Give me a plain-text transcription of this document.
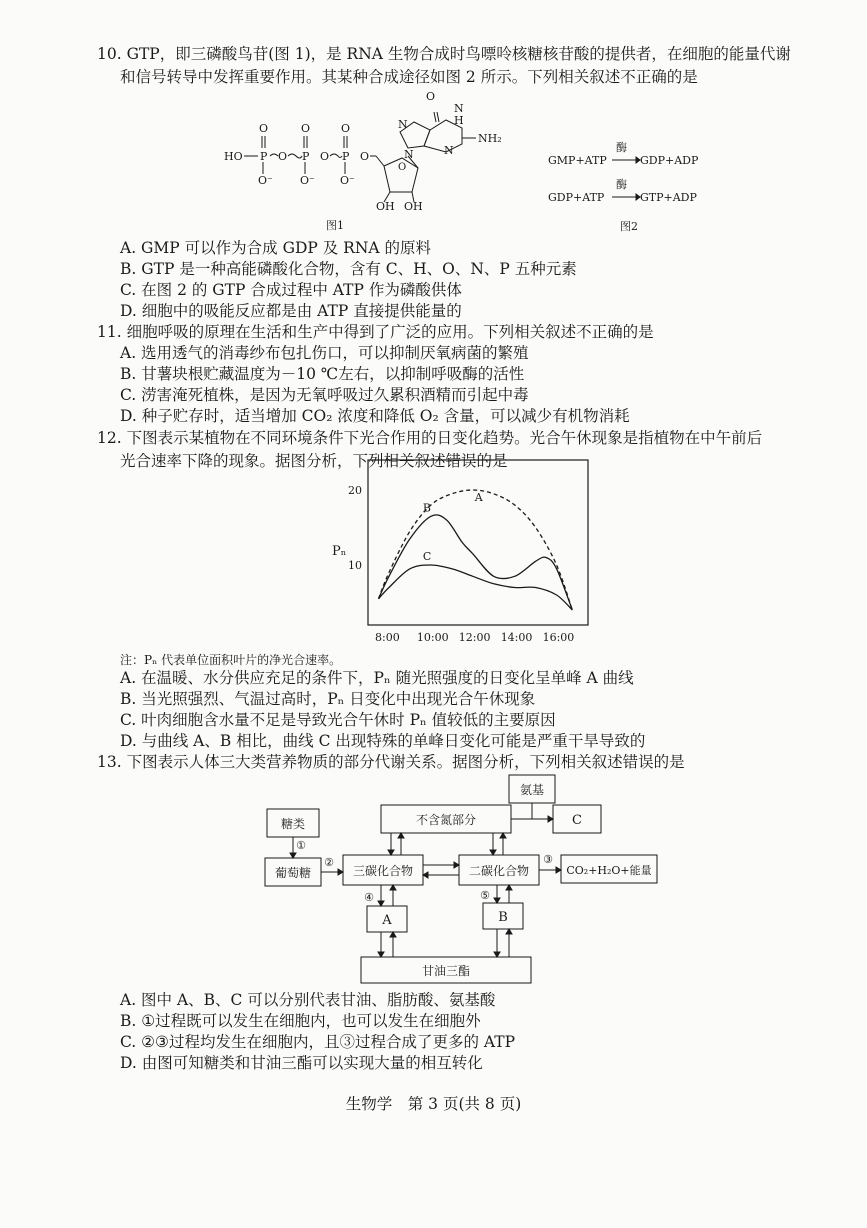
10. GTP，即三磷酸鸟苷(图 1)，是 RNA 生物合成时鸟嘌呤核糖核苷酸的提供者，在细胞的能量代谢
和信号转导中发挥重要作用。其某种合成途径如图 2 所示。下列相关叙述不正确的是
HO P O P O P O
O⁻ O⁻ O⁻
O	O	O
NH₂
N
N	N
H
N
O
OH OH
O
图1
GMP+ATP
酶
GDP+ADP
GDP+ATP
酶
GTP+ADP
图2
A. GMP 可以作为合成 GDP 及 RNA 的原料
B. GTP 是一种高能磷酸化合物，含有 C、H、O、N、P 五种元素
C. 在图 2 的 GTP 合成过程中 ATP 作为磷酸供体
D. 细胞中的吸能反应都是由 ATP 直接提供能量的
11. 细胞呼吸的原理在生活和生产中得到了广泛的应用。下列相关叙述不正确的是
A. 选用透气的消毒纱布包扎伤口，可以抑制厌氧病菌的繁殖
B. 甘薯块根贮藏温度为－10 ℃左右，以抑制呼吸酶的活性
C. 涝害淹死植株，是因为无氧呼吸过久累积酒精而引起中毒
D. 种子贮存时，适当增加 CO₂ 浓度和降低 O₂ 含量，可以减少有机物消耗
12. 下图表示某植物在不同环境条件下光合作用的日变化趋势。光合午休现象是指植物在中午前后
光合速率下降的现象。据图分析，下列相关叙述错误的是
A
B
C
8:00 10:00 12:00 14:00 16:00
10
20
Pₙ
注：Pₙ 代表单位面积叶片的净光合速率。
A. 在温暖、水分供应充足的条件下，Pₙ 随光照强度的日变化呈单峰 A 曲线
B. 当光照强烈、气温过高时，Pₙ 日变化中出现光合午休现象
C. 叶肉细胞含水量不足是导致光合午休时 Pₙ 值较低的主要原因
D. 与曲线 A、B 相比，曲线 C 出现特殊的单峰日变化可能是严重干旱导致的
13. 下图表示人体三大类营养物质的部分代谢关系。据图分析，下列相关叙述错误的是
糖类
葡萄糖	三碳化合物	二碳化合物
不含氮部分
氨基
C
CO₂+H₂O+能量
A	B
甘油三酯
①
②	③
④	⑤
A. 图中 A、B、C 可以分别代表甘油、脂肪酸、氨基酸
B. ①过程既可以发生在细胞内，也可以发生在细胞外
C. ②③过程均发生在细胞内，且③过程合成了更多的 ATP
D. 由图可知糖类和甘油三酯可以实现大量的相互转化
生物学　第 3 页(共 8 页)
